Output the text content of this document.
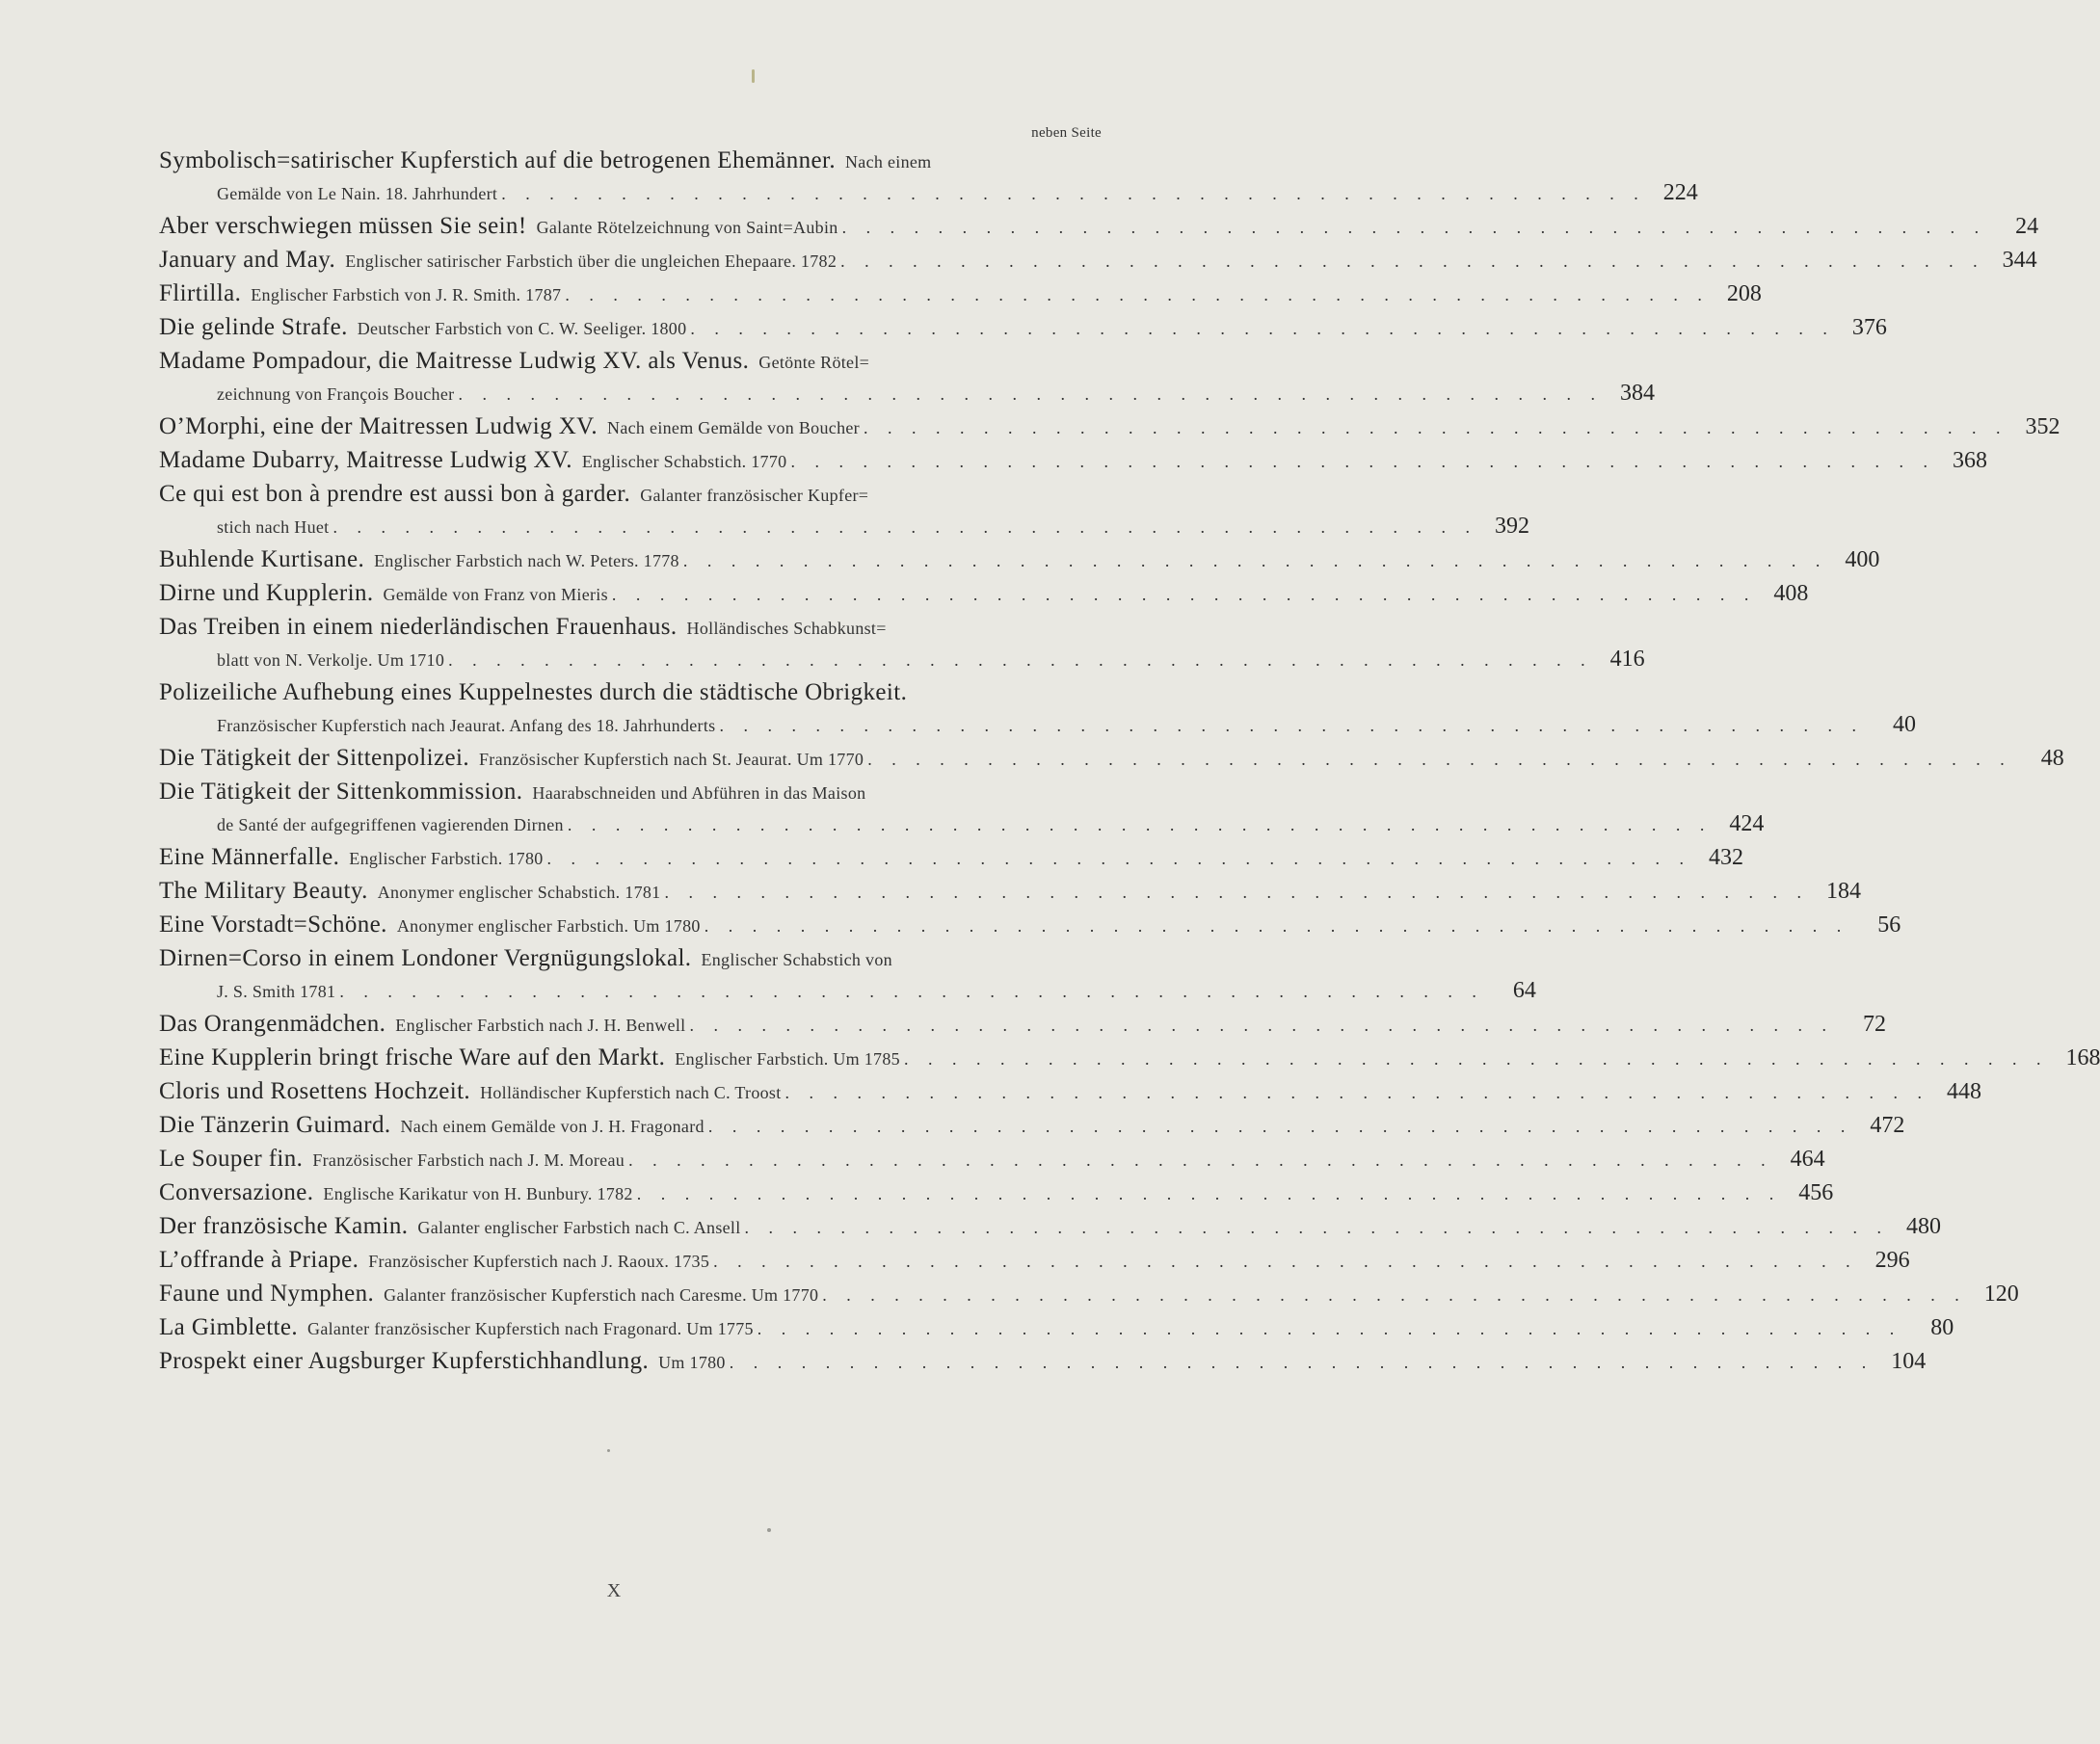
neben Seite
Symbolisch=satirischer Kupferstich auf die betrogenen Ehemänner. Nach einem
Gemälde von Le Nain. 18. Jahrhundert . . . . . . . . . . . . . . . . . . . . . . . . . . . . . . . . . . . . . . . . . . . . . . . . 224
Aber verschwiegen müssen Sie sein! Galante Rötelzeichnung von Saint=Aubin . . . . . . . . . . . . . . . . . . . . . . . . . . . . . . . . . . . . . . . . . . . . . . . .	24
January and May. Englischer satirischer Farbstich über die ungleichen Ehepaare. 1782 . . . . . . . . . . . . . . . . . . . . . . . . . . . . . . . . . . . . . . . . . . . . . . . . 344
Flirtilla. Englischer Farbstich von J. R. Smith. 1787 . . . . . . . . . . . . . . . . . . . . . . . . . . . . . . . . . . . . . . . . . . . . . . . . 208
Die gelinde Strafe. Deutscher Farbstich von C. W. Seeliger. 1800 . . . . . . . . . . . . . . . . . . . . . . . . . . . . . . . . . . . . . . . . . . . . . . . . 376
Madame Pompadour, die Maitresse Ludwig XV. als Venus. Getönte Rötel=
zeichnung von François Boucher . . . . . . . . . . . . . . . . . . . . . . . . . . . . . . . . . . . . . . . . . . . . . . . . 384
O’Morphi, eine der Maitressen Ludwig XV. Nach einem Gemälde von Boucher . . . . . . . . . . . . . . . . . . . . . . . . . . . . . . . . . . . . . . . . . . . . . . . . 352
Madame Dubarry, Maitresse Ludwig XV. Englischer Schabstich. 1770 . . . . . . . . . . . . . . . . . . . . . . . . . . . . . . . . . . . . . . . . . . . . . . . . 368
Ce qui est bon à prendre est aussi bon à garder. Galanter französischer Kupfer=
stich nach Huet . . . . . . . . . . . . . . . . . . . . . . . . . . . . . . . . . . . . . . . . . . . . . . . . 392
Buhlende Kurtisane. Englischer Farbstich nach W. Peters. 1778 . . . . . . . . . . . . . . . . . . . . . . . . . . . . . . . . . . . . . . . . . . . . . . . . 400
Dirne und Kupplerin. Gemälde von Franz von Mieris . . . . . . . . . . . . . . . . . . . . . . . . . . . . . . . . . . . . . . . . . . . . . . . . 408
Das Treiben in einem niederländischen Frauenhaus. Holländisches Schabkunst=
blatt von N. Verkolje. Um 1710 . . . . . . . . . . . . . . . . . . . . . . . . . . . . . . . . . . . . . . . . . . . . . . . . 416
Polizeiliche Aufhebung eines Kuppelnestes durch die städtische Obrigkeit.
Französischer Kupferstich nach Jeaurat. Anfang des 18. Jahrhunderts . . . . . . . . . . . . . . . . . . . . . . . . . . . . . . . . . . . . . . . . . . . . . . . .	40
Die Tätigkeit der Sittenpolizei. Französischer Kupferstich nach St. Jeaurat. Um 1770 . . . . . . . . . . . . . . . . . . . . . . . . . . . . . . . . . . . . . . . . . . . . . . . .	48
Die Tätigkeit der Sittenkommission. Haarabschneiden und Abführen in das Maison
de Santé der aufgegriffenen vagierenden Dirnen . . . . . . . . . . . . . . . . . . . . . . . . . . . . . . . . . . . . . . . . . . . . . . . . 424
Eine Männerfalle. Englischer Farbstich. 1780 . . . . . . . . . . . . . . . . . . . . . . . . . . . . . . . . . . . . . . . . . . . . . . . . 432
The Military Beauty. Anonymer englischer Schabstich. 1781 . . . . . . . . . . . . . . . . . . . . . . . . . . . . . . . . . . . . . . . . . . . . . . . . 184
Eine Vorstadt=Schöne. Anonymer englischer Farbstich. Um 1780 . . . . . . . . . . . . . . . . . . . . . . . . . . . . . . . . . . . . . . . . . . . . . . . .	56
Dirnen=Corso in einem Londoner Vergnügungslokal. Englischer Schabstich von
J. S. Smith 1781 . . . . . . . . . . . . . . . . . . . . . . . . . . . . . . . . . . . . . . . . . . . . . . . .	64
Das Orangenmädchen. Englischer Farbstich nach J. H. Benwell . . . . . . . . . . . . . . . . . . . . . . . . . . . . . . . . . . . . . . . . . . . . . . . .	72
Eine Kupplerin bringt frische Ware auf den Markt. Englischer Farbstich. Um 1785 . . . . . . . . . . . . . . . . . . . . . . . . . . . . . . . . . . . . . . . . . . . . . . . . 168
Cloris und Rosettens Hochzeit. Holländischer Kupferstich nach C. Troost . . . . . . . . . . . . . . . . . . . . . . . . . . . . . . . . . . . . . . . . . . . . . . . . 448
Die Tänzerin Guimard. Nach einem Gemälde von J. H. Fragonard . . . . . . . . . . . . . . . . . . . . . . . . . . . . . . . . . . . . . . . . . . . . . . . . 472
Le Souper fin. Französischer Farbstich nach J. M. Moreau . . . . . . . . . . . . . . . . . . . . . . . . . . . . . . . . . . . . . . . . . . . . . . . . 464
Conversazione. Englische Karikatur von H. Bunbury. 1782 . . . . . . . . . . . . . . . . . . . . . . . . . . . . . . . . . . . . . . . . . . . . . . . . 456
Der französische Kamin. Galanter englischer Farbstich nach C. Ansell . . . . . . . . . . . . . . . . . . . . . . . . . . . . . . . . . . . . . . . . . . . . . . . . 480
L’offrande à Priape. Französischer Kupferstich nach J. Raoux. 1735 . . . . . . . . . . . . . . . . . . . . . . . . . . . . . . . . . . . . . . . . . . . . . . . . 296
Faune und Nymphen. Galanter französischer Kupferstich nach Caresme. Um 1770 . . . . . . . . . . . . . . . . . . . . . . . . . . . . . . . . . . . . . . . . . . . . . . . . 120
La Gimblette. Galanter französischer Kupferstich nach Fragonard. Um 1775 . . . . . . . . . . . . . . . . . . . . . . . . . . . . . . . . . . . . . . . . . . . . . . . .	80
Prospekt einer Augsburger Kupferstichhandlung. Um 1780 . . . . . . . . . . . . . . . . . . . . . . . . . . . . . . . . . . . . . . . . . . . . . . . . 104
X
